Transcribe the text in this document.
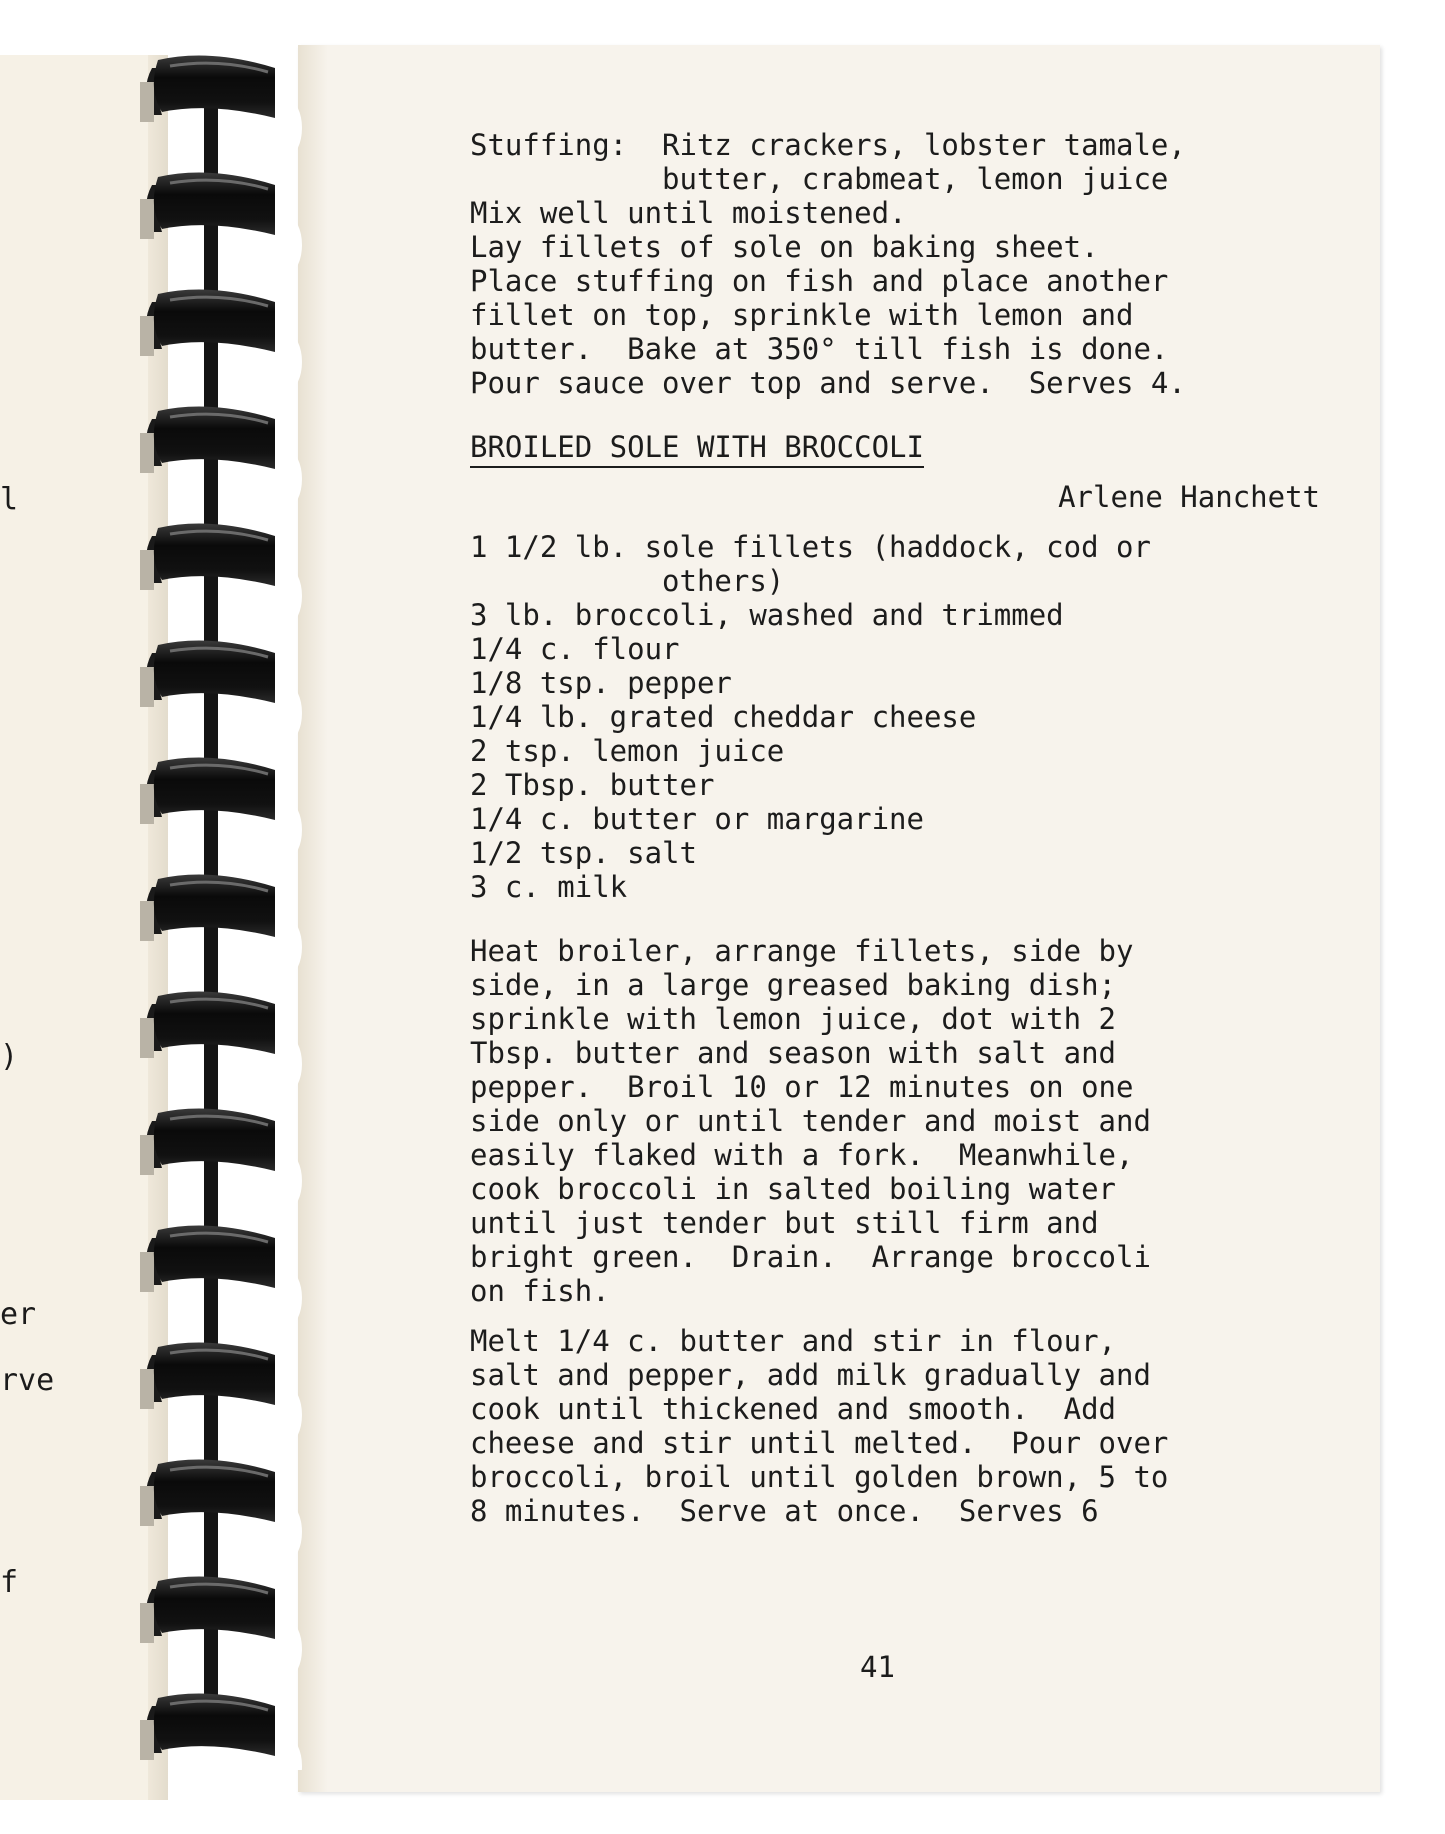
l
)
er
rve
f
Stuffing:  Ritz crackers, lobster tamale,
butter, crabmeat, lemon juice
Mix well until moistened.
Lay fillets of sole on baking sheet.
Place stuffing on fish and place another
fillet on top, sprinkle with lemon and
butter.  Bake at 350° till fish is done.
Pour sauce over top and serve.  Serves 4.
BROILED SOLE WITH BROCCOLI
Arlene Hanchett
1 1/2 lb. sole fillets (haddock, cod or
others)
3 lb. broccoli, washed and trimmed
1/4 c. flour
1/8 tsp. pepper
1/4 lb. grated cheddar cheese
2 tsp. lemon juice
2 Tbsp. butter
1/4 c. butter or margarine
1/2 tsp. salt
3 c. milk
Heat broiler, arrange fillets, side by
side, in a large greased baking dish;
sprinkle with lemon juice, dot with 2
Tbsp. butter and season with salt and
pepper.  Broil 10 or 12 minutes on one
side only or until tender and moist and
easily flaked with a fork.  Meanwhile,
cook broccoli in salted boiling water
until just tender but still firm and
bright green.  Drain.  Arrange broccoli
on fish.
Melt 1/4 c. butter and stir in flour,
salt and pepper, add milk gradually and
cook until thickened and smooth.  Add
cheese and stir until melted.  Pour over
broccoli, broil until golden brown, 5 to
8 minutes.  Serve at once.  Serves 6
41
